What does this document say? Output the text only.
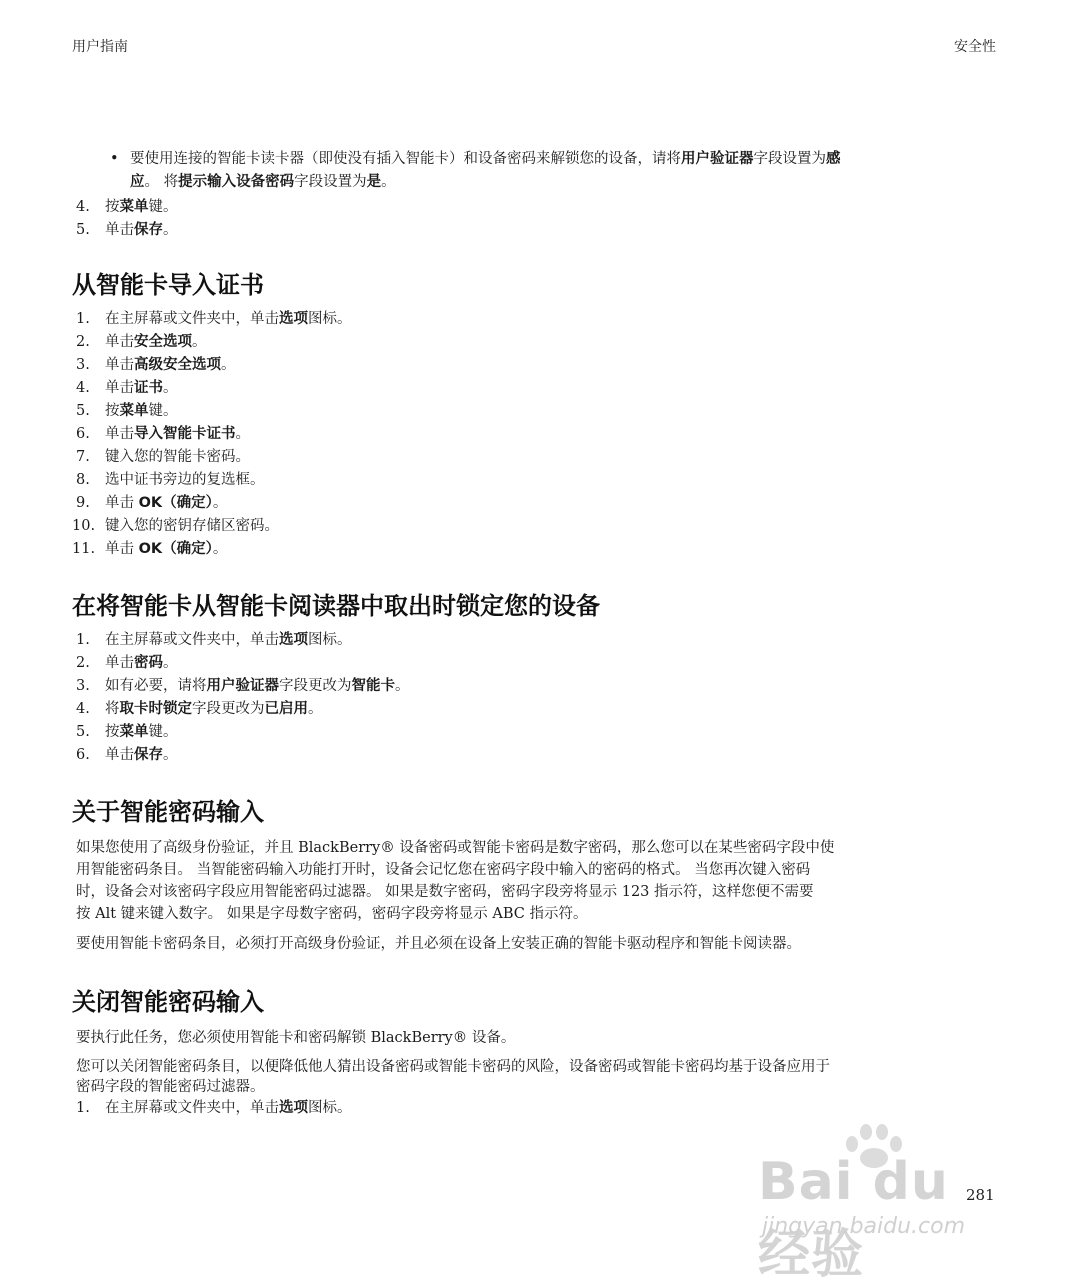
用户指南	安全性
• 要使用连接的智能卡读卡器（即使没有插入智能卡）和设备密码来解锁您的设备，请将用户验证器字段设置为感
应。 将提示输入设备密码字段设置为是。
4. 按菜单键。
5. 单击保存。
从智能卡导入证书
1. 在主屏幕或文件夹中，单击选项图标。
2. 单击安全选项。
3. 单击高级安全选项。
4. 单击证书。
5. 按菜单键。
6. 单击导入智能卡证书。
7. 键入您的智能卡密码。
8. 选中证书旁边的复选框。
9. 单击 OK（确定）。
10. 键入您的密钥存储区密码。
11. 单击 OK（确定）。
在将智能卡从智能卡阅读器中取出时锁定您的设备
1. 在主屏幕或文件夹中，单击选项图标。
2. 单击密码。
3. 如有必要，请将用户验证器字段更改为智能卡。
4. 将取卡时锁定字段更改为已启用。
5. 按菜单键。
6. 单击保存。
关于智能密码输入

如果您使用了高级身份验证，并且 BlackBerry® 设备密码或智能卡密码是数字密码，那么您可以在某些密码字段中使
用智能密码条目。 当智能密码输入功能打开时，设备会记忆您在密码字段中输入的密码的格式。 当您再次键入密码
时，设备会对该密码字段应用智能密码过滤器。 如果是数字密码，密码字段旁将显示 123 指示符，这样您便不需要
按 Alt 键来键入数字。 如果是字母数字密码，密码字段旁将显示 ABC 指示符。

要使用智能卡密码条目，必须打开高级身份验证，并且必须在设备上安装正确的智能卡驱动程序和智能卡阅读器。

关闭智能密码输入

要执行此任务，您必须使用智能卡和密码解锁 BlackBerry® 设备。

您可以关闭智能密码条目，以便降低他人猜出设备密码或智能卡密码的风险，设备密码或智能卡密码均基于设备应用于
密码字段的智能密码过滤器。

1. 在主屏幕或文件夹中，单击选项图标。
281
Bai du 经验
jingyan.baidu.com
